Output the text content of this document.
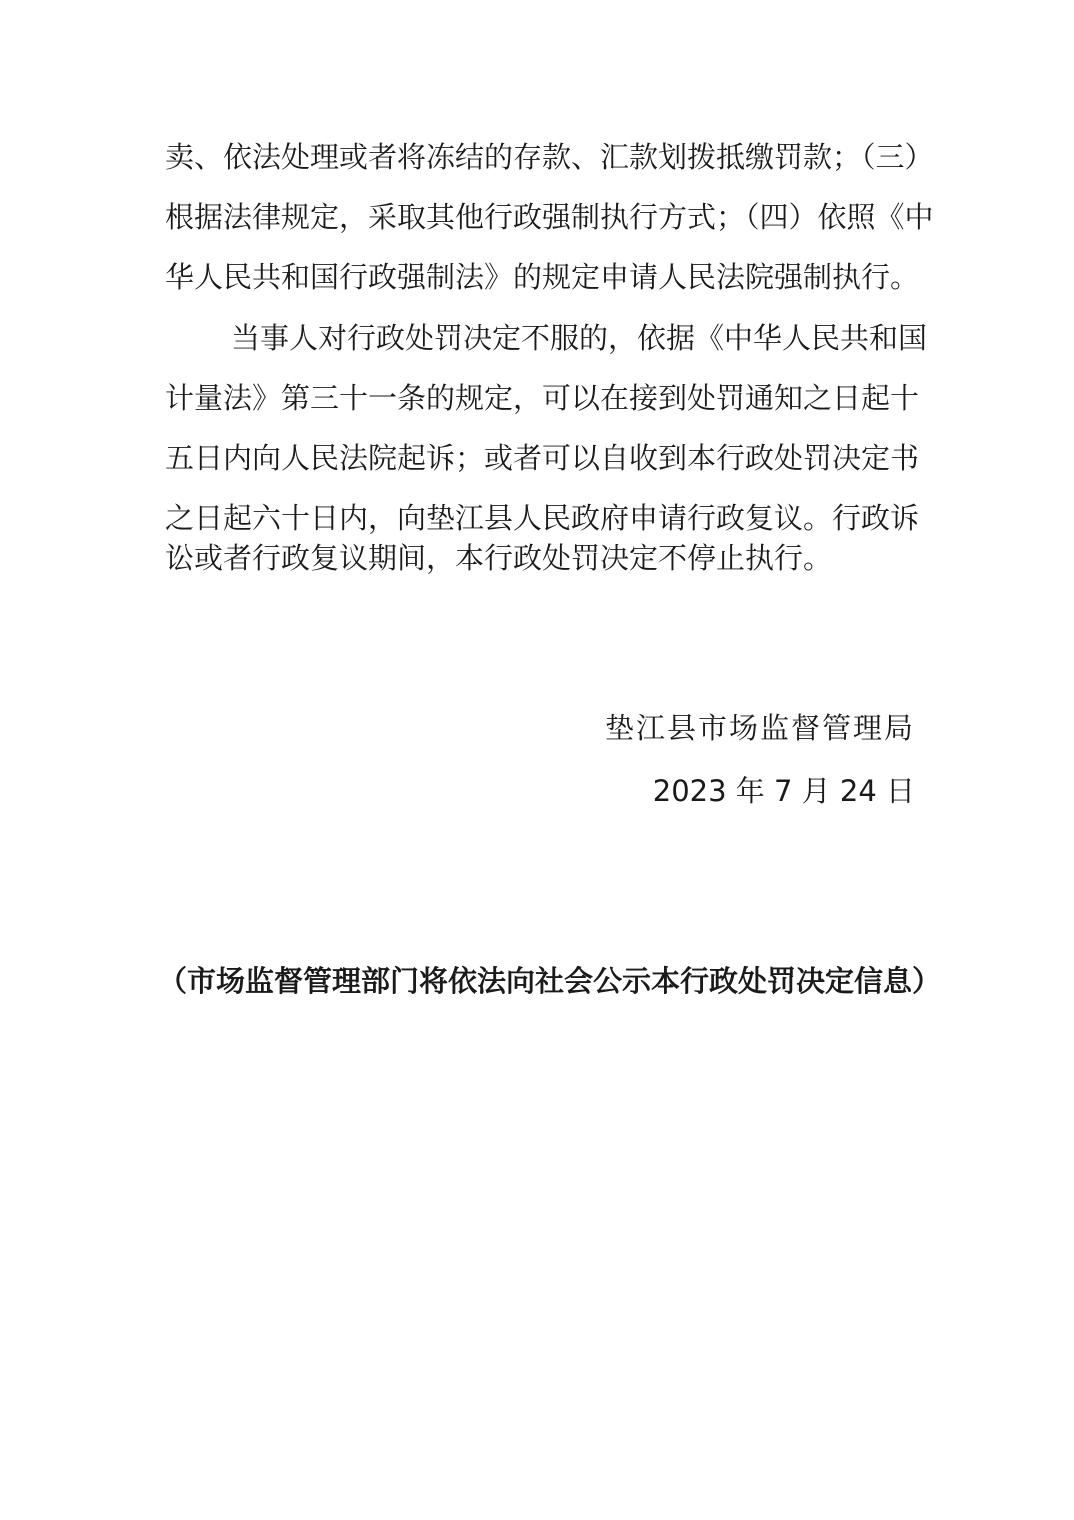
卖、依法处理或者将冻结的存款、汇款划拨抵缴罚款；（三）
根据法律规定，采取其他行政强制执行方式；（四）依照《中
华人民共和国行政强制法》的规定申请人民法院强制执行。
当事人对行政处罚决定不服的，依据《中华人民共和国
计量法》第三十一条的规定，可以在接到处罚通知之日起十
五日内向人民法院起诉；或者可以自收到本行政处罚决定书
之日起六十日内，向垫江县人民政府申请行政复议。行政诉
讼或者行政复议期间，本行政处罚决定不停止执行。
垫江县市场监督管理局
2023 年 7 月 24 日
（市场监督管理部门将依法向社会公示本行政处罚决定信息）
